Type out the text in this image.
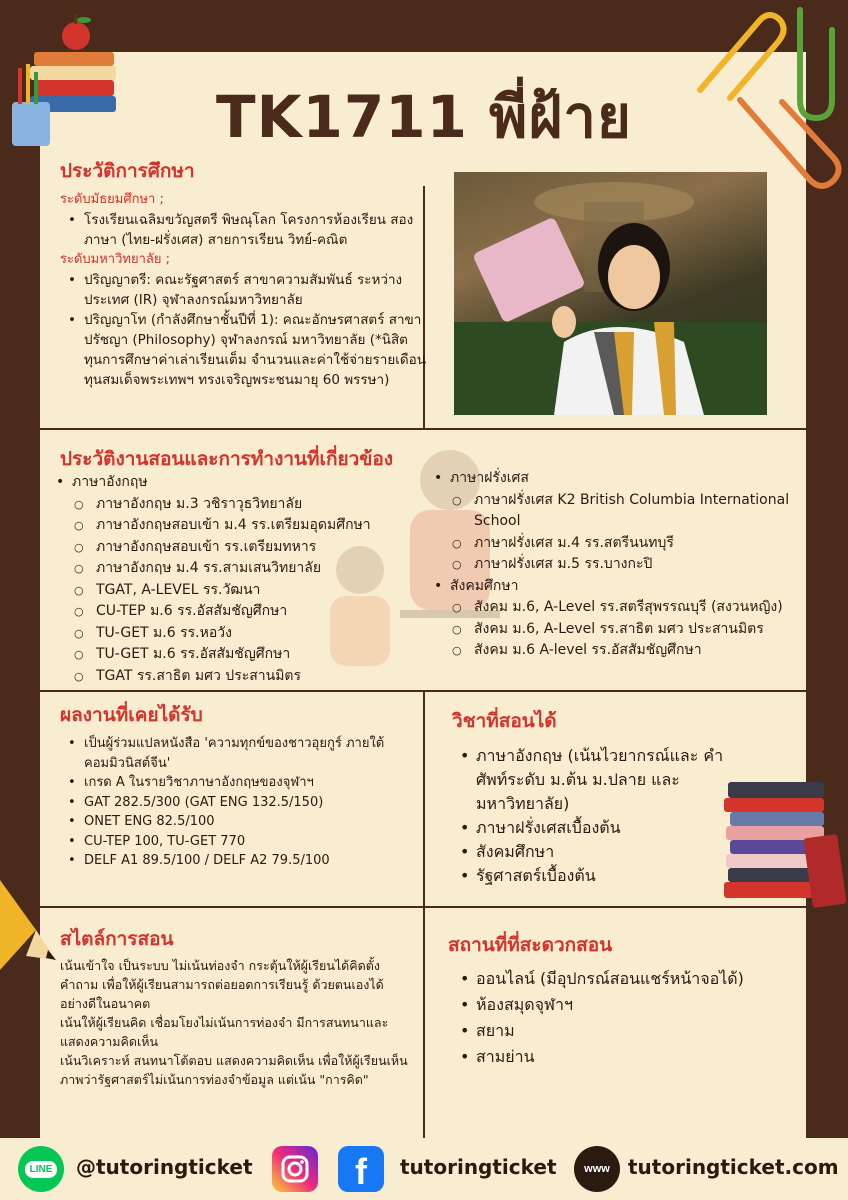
TK1711 พี่ฝ้าย
ประวัติการศึกษา
ระดับมัธยมศึกษา ;
• โรงเรียนเฉลิมขวัญสตรี พิษณุโลก โครงการห้องเรียน สองภาษา (ไทย-ฝรั่งเศส) สายการเรียน วิทย์-คณิต
ระดับมหาวิทยาลัย ;
• ปริญญาตรี: คณะรัฐศาสตร์ สาขาความสัมพันธ์ ระหว่างประเทศ (IR) จุฬาลงกรณ์มหาวิทยาลัย
• ปริญญาโท (กำลังศึกษาชั้นปีที่ 1): คณะอักษรศาสตร์ สาขาปรัชญา (Philosophy) จุฬาลงกรณ์ มหาวิทยาลัย (*นิสิตทุนการศึกษาค่าเล่าเรียนเต็ม จำนวนและค่าใช้จ่ายรายเดือน ทุนสมเด็จพระเทพฯ ทรงเจริญพระชนมายุ 60 พรรษา)
ประวัติงานสอนและการทำงานที่เกี่ยวข้อง
• ภาษาอังกฤษ
○ ภาษาอังกฤษ ม.3 วชิราวุธวิทยาลัย
○ ภาษาอังกฤษสอบเข้า ม.4 รร.เตรียมอุดมศึกษา
○ ภาษาอังกฤษสอบเข้า รร.เตรียมทหาร
○ ภาษาอังกฤษ ม.4 รร.สามเสนวิทยาลัย
○ TGAT, A-LEVEL รร.วัฒนา
○ CU-TEP ม.6 รร.อัสสัมชัญศึกษา
○ TU-GET ม.6 รร.หอวัง
○ TU-GET ม.6 รร.อัสสัมชัญศึกษา
○ TGAT รร.สาธิต มศว ประสานมิตร
• ภาษาฝรั่งเศส
○ ภาษาฝรั่งเศส K2 British Columbia International School
○ ภาษาฝรั่งเศส ม.4 รร.สตรีนนทบุรี
○ ภาษาฝรั่งเศส ม.5 รร.บางกะปิ
• สังคมศึกษา
○ สังคม ม.6, A-Level รร.สตรีสุพรรณบุรี (สงวนหญิง)
○ สังคม ม.6, A-Level รร.สาธิต มศว ประสานมิตร
○ สังคม ม.6 A-level รร.อัสสัมชัญศึกษา
ผลงานที่เคยได้รับ
• เป็นผู้ร่วมแปลหนังสือ 'ความทุกข์ของชาวอุยกูร์ ภายใต้ คอมมิวนิสต์จีน'
• เกรด A ในรายวิชาภาษาอังกฤษของจุฬาฯ
• GAT 282.5/300 (GAT ENG 132.5/150)
• ONET ENG 82.5/100
• CU-TEP 100, TU-GET 770
• DELF A1 89.5/100 / DELF A2 79.5/100
วิชาที่สอนได้
• ภาษาอังกฤษ (เน้นไวยากรณ์และ คำศัพท์ระดับ ม.ต้น ม.ปลาย และ มหาวิทยาลัย)
• ภาษาฝรั่งเศสเบื้องต้น
• สังคมศึกษา
• รัฐศาสตร์เบื้องต้น
สไตล์การสอน

เน้นเข้าใจ เป็นระบบ ไม่เน้นท่องจำ กระตุ้นให้ผู้เรียนได้คิดตั้งคำถาม เพื่อให้ผู้เรียนสามารถต่อยอดการเรียนรู้ ด้วยตนเองได้อย่างดีในอนาคต

เน้นให้ผู้เรียนคิด เชื่อมโยงไม่เน้นการท่องจำ มีการสนทนาและแสดงความคิดเห็น

เน้นวิเคราะห์ สนทนาโต้ตอบ แสดงความคิดเห็น เพื่อให้ผู้เรียนเห็นภาพว่ารัฐศาสตร์ไม่เน้นการท่องจำข้อมูล แต่เน้น "การคิด"

สถานที่ที่สะดวกสอน
• ออนไลน์ (มีอุปกรณ์สอนแชร์หน้าจอได้)
• ห้องสมุดจุฬาฯ
• สยาม
• สามย่าน
LINE @tutoringticket	f tutoringticket	www tutoringticket.com
